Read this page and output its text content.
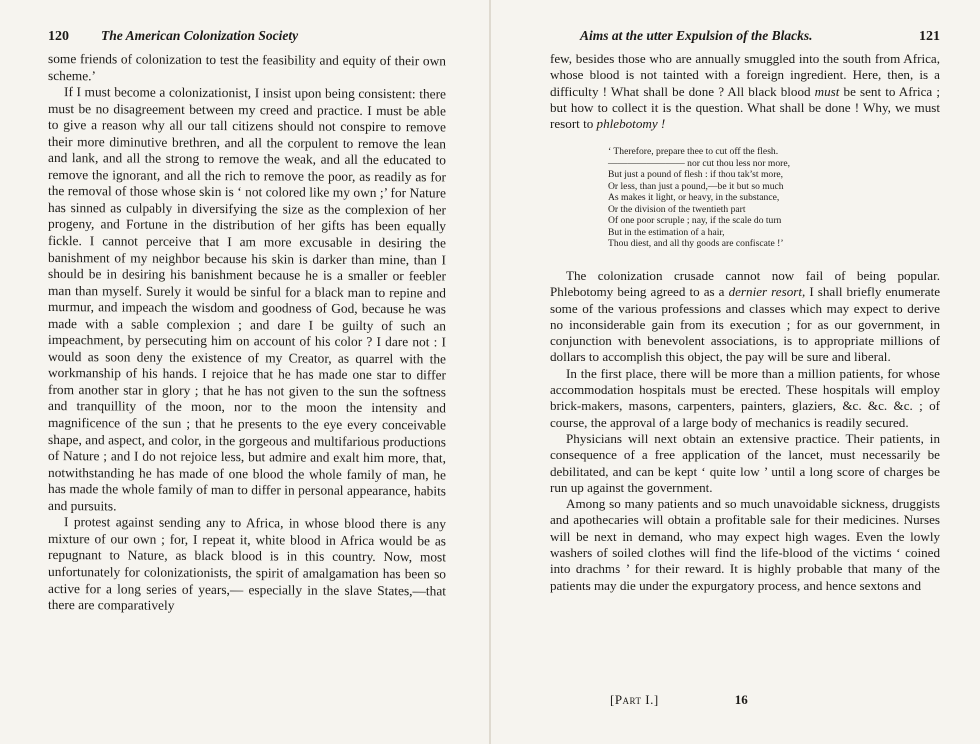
120 The American Colonization Society

some friends of colonization to test the feasibility and equity of their own scheme.’

If I must become a colonizationist, I insist upon being consistent: there must be no disagreement between my creed and practice. I must be able to give a reason why all our tall citizens should not conspire to remove their more diminutive brethren, and all the corpulent to remove the lean and lank, and all the strong to remove the weak, and all the educated to remove the ignorant, and all the rich to remove the poor, as readily as for the removal of those whose skin is ‘ not colored like my own ;’ for Nature has sinned as culpably in diversifying the size as the complexion of her progeny, and Fortune in the distribution of her gifts has been equally fickle. I cannot perceive that I am more excusable in desiring the banishment of my neighbor because his skin is darker than mine, than I should be in desiring his banishment because he is a smaller or feebler man than myself. Surely it would be sinful for a black man to repine and murmur, and impeach the wisdom and goodness of God, because he was made with a sable complexion ; and dare I be guilty of such an impeachment, by persecuting him on account of his color ? I dare not : I would as soon deny the existence of my Creator, as quarrel with the workmanship of his hands. I rejoice that he has made one star to differ from another star in glory ; that he has not given to the sun the softness and tranquillity of the moon, nor to the moon the intensity and magnificence of the sun ; that he presents to the eye every conceivable shape, and aspect, and color, in the gorgeous and multifarious productions of Nature ; and I do not rejoice less, but admire and exalt him more, that, notwithstanding he has made of one blood the whole family of man, he has made the whole family of man to differ in personal appearance, habits and pursuits.

I protest against sending any to Africa, in whose blood there is any mixture of our own ; for, I repeat it, white blood in Africa would be as repugnant to Nature, as black blood is in this country. Now, most unfortunately for colonizationists, the spirit of amalgamation has been so active for a long series of years,— especially in the slave States,—that there are comparatively

Aims at the utter Expulsion of the Blacks.	121

few, besides those who are annually smuggled into the south from Africa, whose blood is not tainted with a foreign ingredient. Here, then, is a difficulty ! What shall be done ? All black blood must be sent to Africa ; but how to collect it is the question. What shall be done ! Why, we must resort to phlebotomy !

‘ Therefore, prepare thee to cut off the flesh.
———————— nor cut thou less nor more,
But just a pound of flesh : if thou tak’st more,
Or less, than just a pound,—be it but so much
As makes it light, or heavy, in the substance,
Or the division of the twentieth part
Of one poor scruple ; nay, if the scale do turn
But in the estimation of a hair,
Thou diest, and all thy goods are confiscate !’

The colonization crusade cannot now fail of being popular. Phlebotomy being agreed to as a dernier resort, I shall briefly enumerate some of the various professions and classes which may expect to derive no inconsiderable gain from its execution ; for as our government, in conjunction with benevolent associations, is to appropriate millions of dollars to accomplish this object, the pay will be sure and liberal.

In the first place, there will be more than a million patients, for whose accommodation hospitals must be erected. These hospitals will employ brick-makers, masons, carpenters, painters, glaziers, &c. &c. &c. ; of course, the approval of a large body of mechanics is readily secured.

Physicians will next obtain an extensive practice. Their patients, in consequence of a free application of the lancet, must necessarily be debilitated, and can be kept ‘ quite low ’ until a long score of charges be run up against the government.

Among so many patients and so much unavoidable sickness, druggists and apothecaries will obtain a profitable sale for their medicines. Nurses will be next in demand, who may expect high wages. Even the lowly washers of soiled clothes will find the life-blood of the victims ‘ coined into drachms ’ for their reward. It is highly probable that many of the patients may die under the expurgatory process, and hence sextons and

[Part I.]	16
